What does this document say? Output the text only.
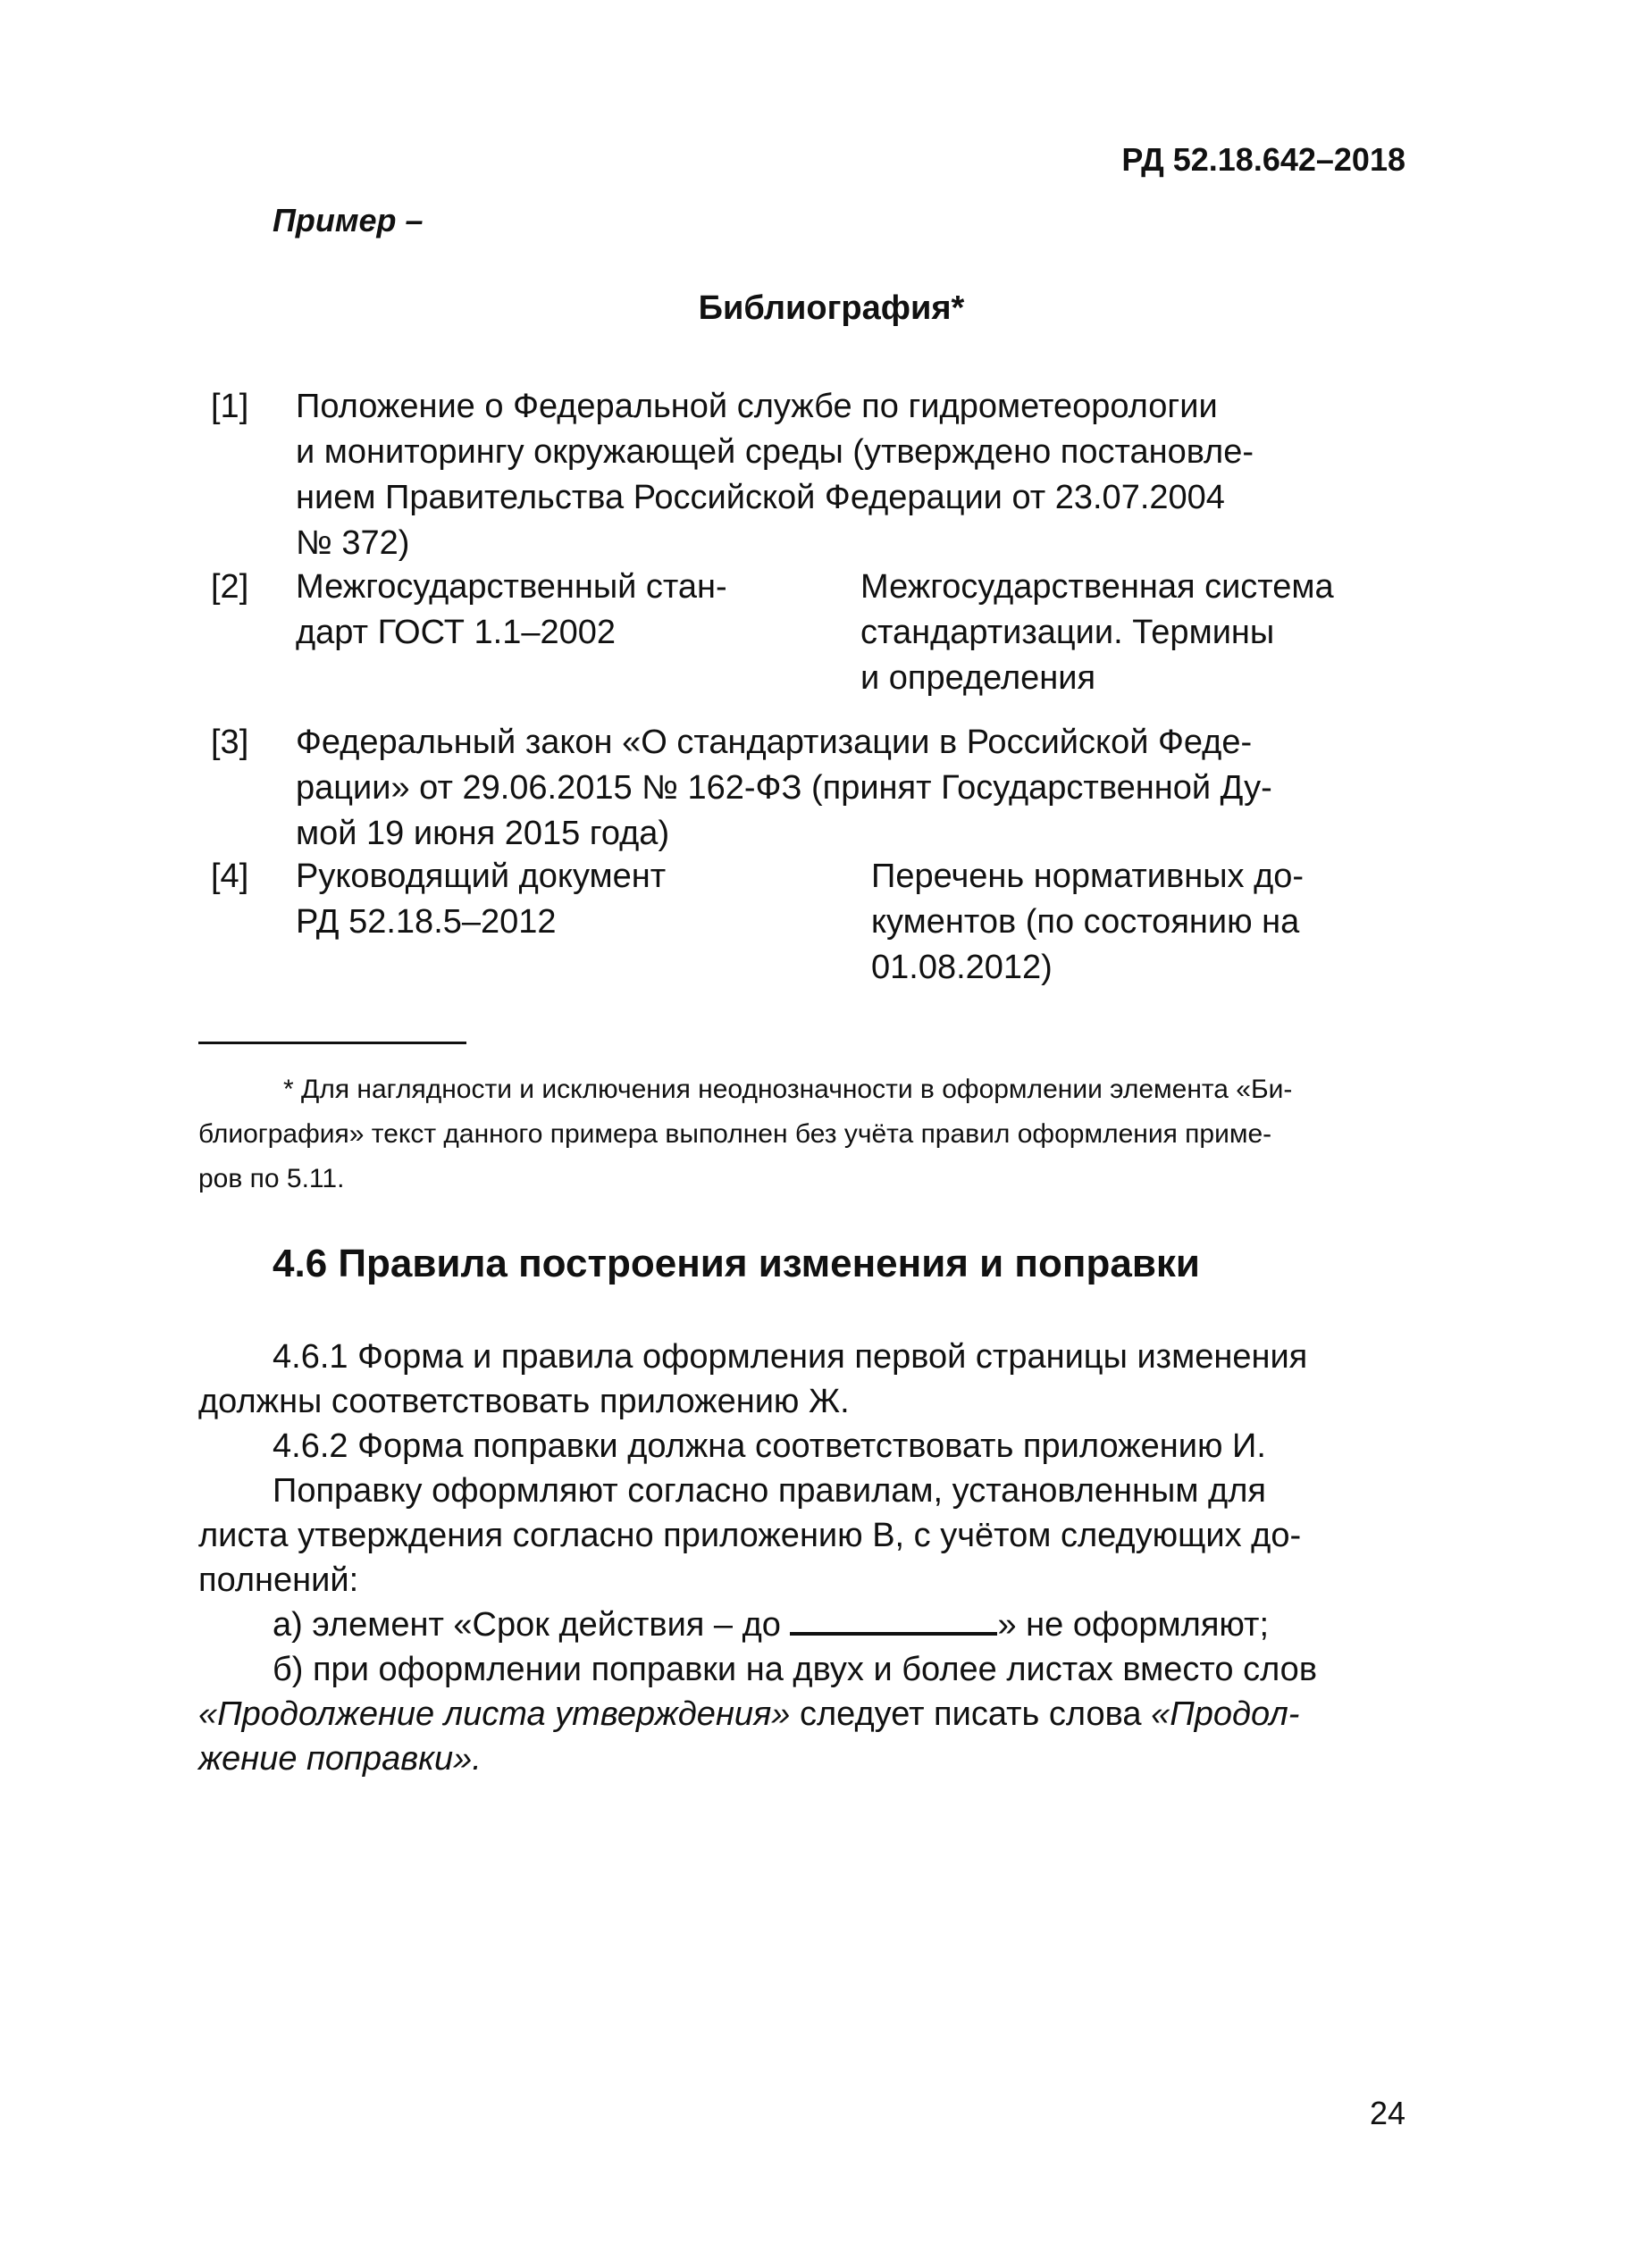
РД 52.18.642–2018
Пример –
Библиография*
[1] Положение о Федеральной службе по гидрометеорологии
и мониторингу окружающей среды (утверждено постановле-
нием Правительства Российской Федерации от 23.07.2004
№ 372)
[2] Межгосударственный стан-
дарт ГОСТ 1.1–2002
Межгосударственная система
стандартизации. Термины
и определения
[3] Федеральный закон «О стандартизации в Российской Феде-
рации» от 29.06.2015 № 162-ФЗ (принят Государственной Ду-
мой 19 июня 2015 года)
[4] Руководящий документ
РД 52.18.5–2012
Перечень нормативных до-
кументов (по состоянию на
01.08.2012)
* Для наглядности и исключения неоднозначности в оформлении элемента «Би-
блиография» текст данного примера выполнен без учёта правил оформления приме-
ров по 5.11.
4.6 Правила построения изменения и поправки
4.6.1 Форма и правила оформления первой страницы изменения
должны соответствовать приложению Ж.
4.6.2 Форма поправки должна соответствовать приложению И.
Поправку оформляют согласно правилам, установленным для
листа утверждения согласно приложению В, с учётом следующих до-
полнений:
а) элемент «Срок действия – до	» не оформляют;
б) при оформлении поправки на двух и более листах вместо слов
«Продолжение листа утверждения» следует писать слова «Продол-
жение поправки».
24
